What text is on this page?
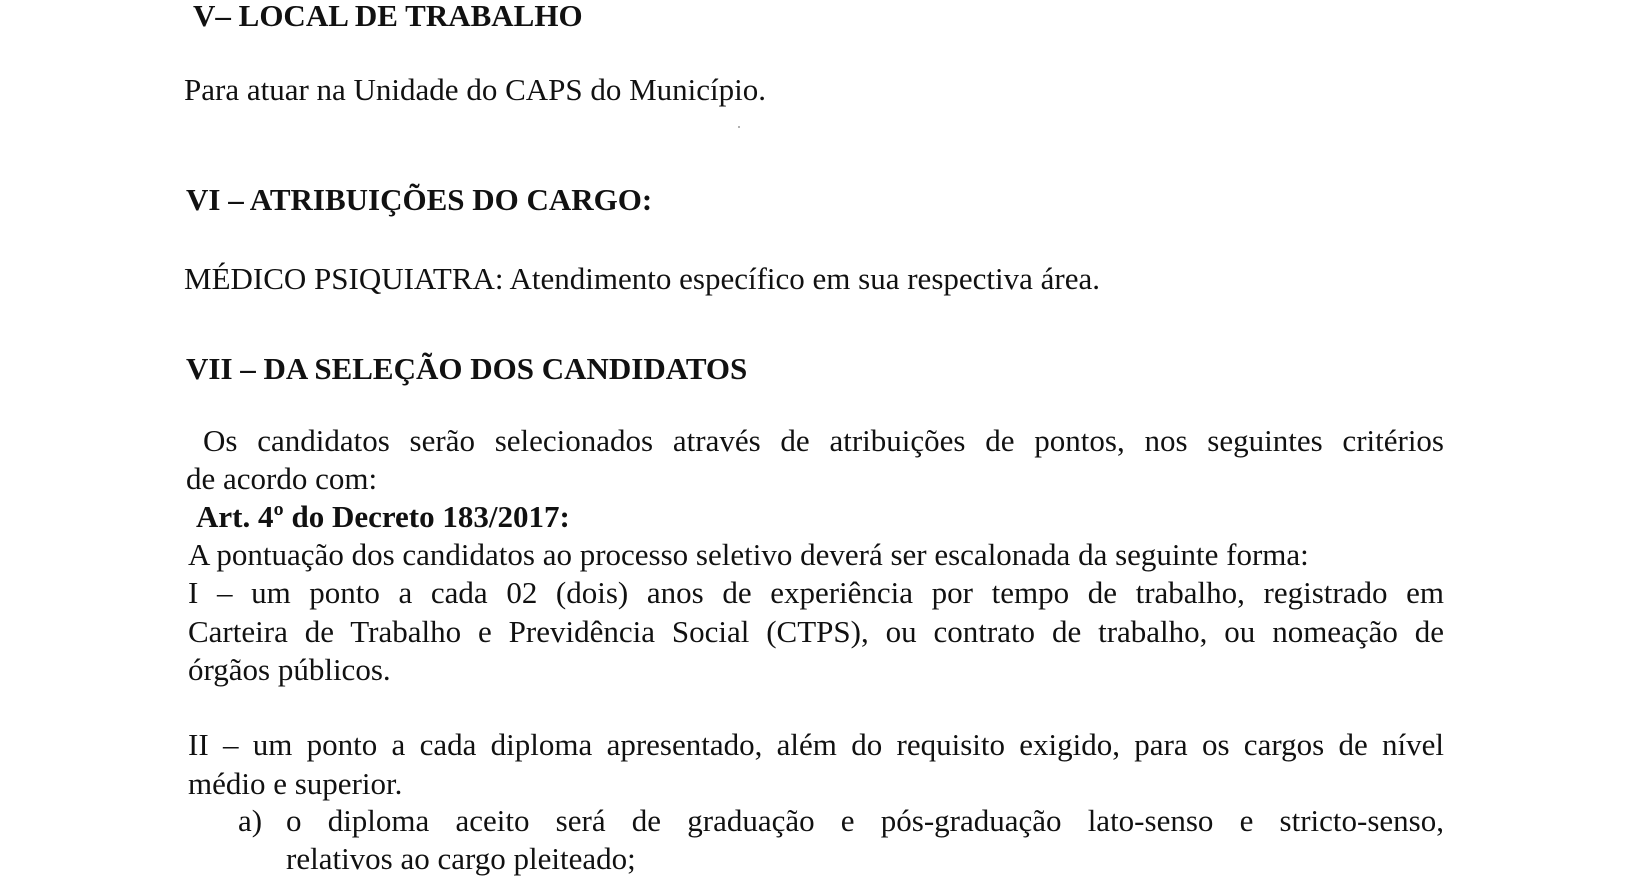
V– LOCAL DE TRABALHO
Para atuar na Unidade do CAPS do Município.
VI – ATRIBUIÇÕES DO CARGO:
MÉDICO PSIQUIATRA: Atendimento específico em sua respectiva área.
VII – DA SELEÇÃO DOS CANDIDATOS
Os candidatos serão selecionados através de atribuições de pontos, nos seguintes critérios
de acordo com:
Art. 4º do Decreto 183/2017:
A pontuação dos candidatos ao processo seletivo deverá ser escalonada da seguinte forma:
I – um ponto a cada 02 (dois) anos de experiência por tempo de trabalho, registrado em
Carteira de Trabalho e Previdência Social (CTPS), ou contrato de trabalho, ou nomeação de
órgãos públicos.
II – um ponto a cada diploma apresentado, além do requisito exigido, para os cargos de nível
médio e superior.
a) o diploma aceito será de graduação e pós-graduação lato-senso e stricto-senso,
relativos ao cargo pleiteado;
